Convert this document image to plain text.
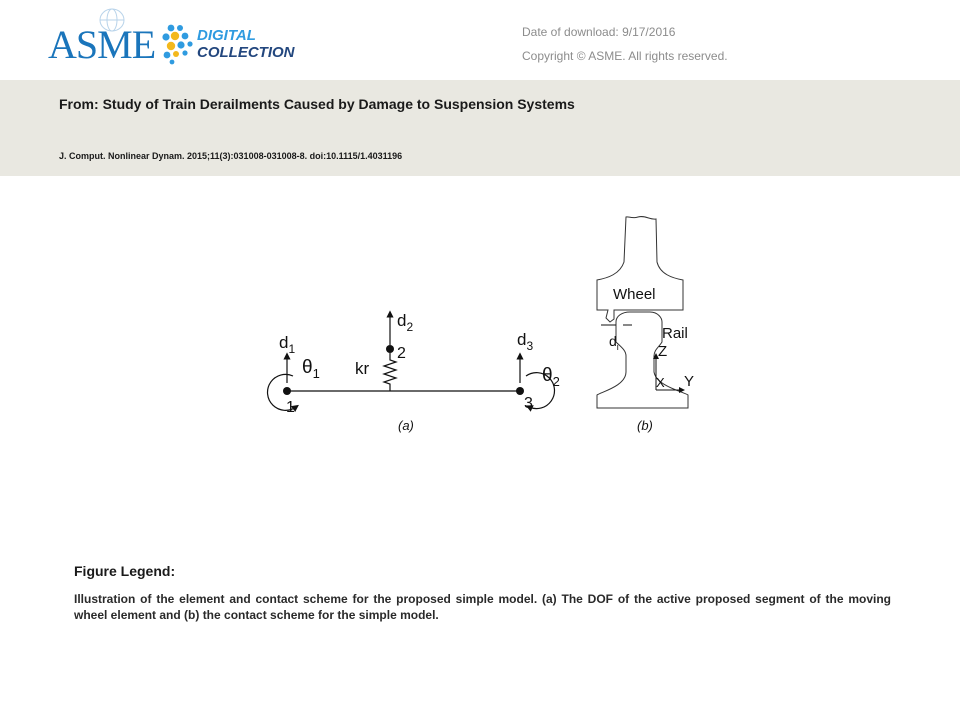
ASME	DIGITAL
COLLECTION
Date of download: 9/17/2016
Copyright © ASME. All rights reserved.
From: Study of Train Derailments Caused by Damage to Suspension Systems
J. Comput. Nonlinear Dynam. 2015;11(3):031008-031008-8. doi:10.1115/1.4031196
$d_1$
$\theta_1$
1
$d_2$
2
kr
$d_3$
$\theta_2$
3
(a)
Wheel
Rail
$d_i$	Z
X Y
(b)
Figure Legend:
Illustration of the element and contact scheme for the proposed simple model. (a) The DOF of the active proposed segment of the moving wheel element and (b) the contact scheme for the simple model.
